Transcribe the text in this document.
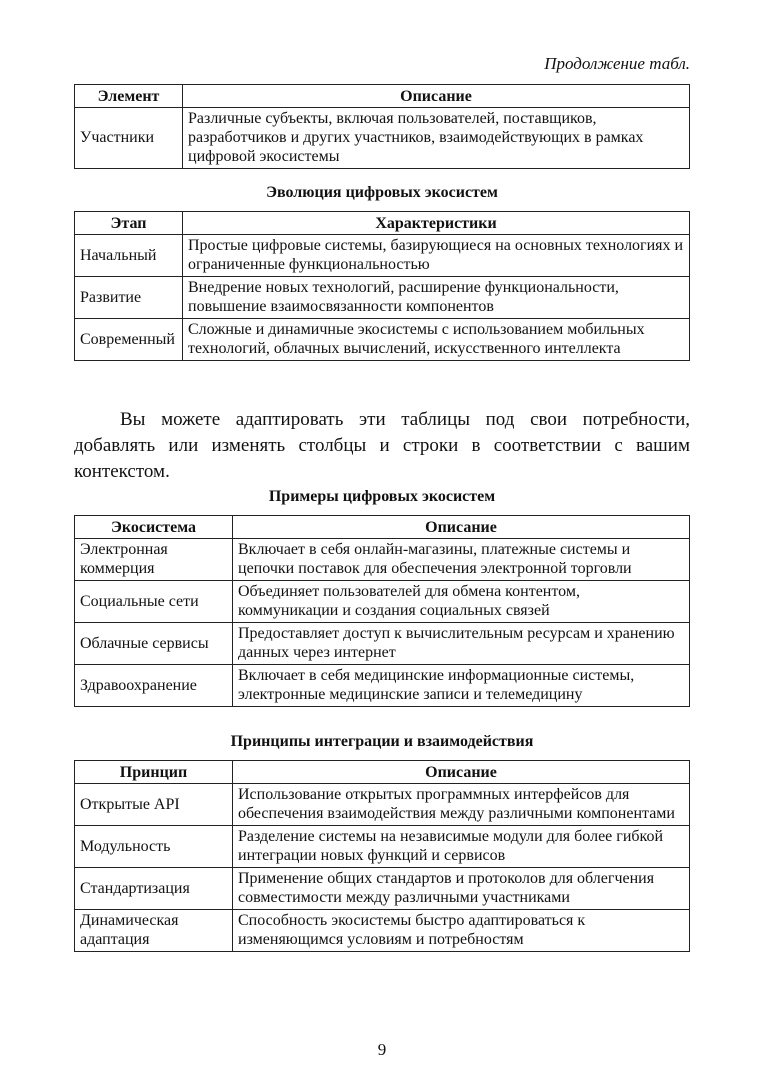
Продолжение табл.
Элемент	Описание
Участники	Различные субъекты, включая пользователей, поставщиков, разработчиков и других участников, взаимодействующих в рамках цифровой экосистемы
Эволюция цифровых экосистем
Этап	Характеристики
Начальный	Простые цифровые системы, базирующиеся на основных технологиях и ограниченные функциональностью
Развитие	Внедрение новых технологий, расширение функциональности, повышение взаимосвязанности компонентов
Современный	Сложные и динамичные экосистемы с использованием мобильных технологий, облачных вычислений, искусственного интеллекта
Вы можете адаптировать эти таблицы под свои потребности, добавлять или изменять столбцы и строки в соответствии с вашим контекстом.
Примеры цифровых экосистем
Экосистема	Описание
Электронная коммерция	Включает в себя онлайн-магазины, платежные системы и цепочки поставок для обеспечения электронной торговли
Социальные сети	Объединяет пользователей для обмена контентом, коммуникации и создания социальных связей
Облачные сервисы	Предоставляет доступ к вычислительным ресурсам и хранению данных через интернет
Здравоохранение	Включает в себя медицинские информационные системы, электронные медицинские записи и телемедицину
Принципы интеграции и взаимодействия
Принцип	Описание
Открытые API	Использование открытых программных интерфейсов для обеспечения взаимодействия между различными компонентами
Модульность	Разделение системы на независимые модули для более гибкой интеграции новых функций и сервисов
Стандартизация	Применение общих стандартов и протоколов для облегчения совместимости между различными участниками
Динамическая адаптация	Способность экосистемы быстро адаптироваться к изменяющимся условиям и потребностям
9
